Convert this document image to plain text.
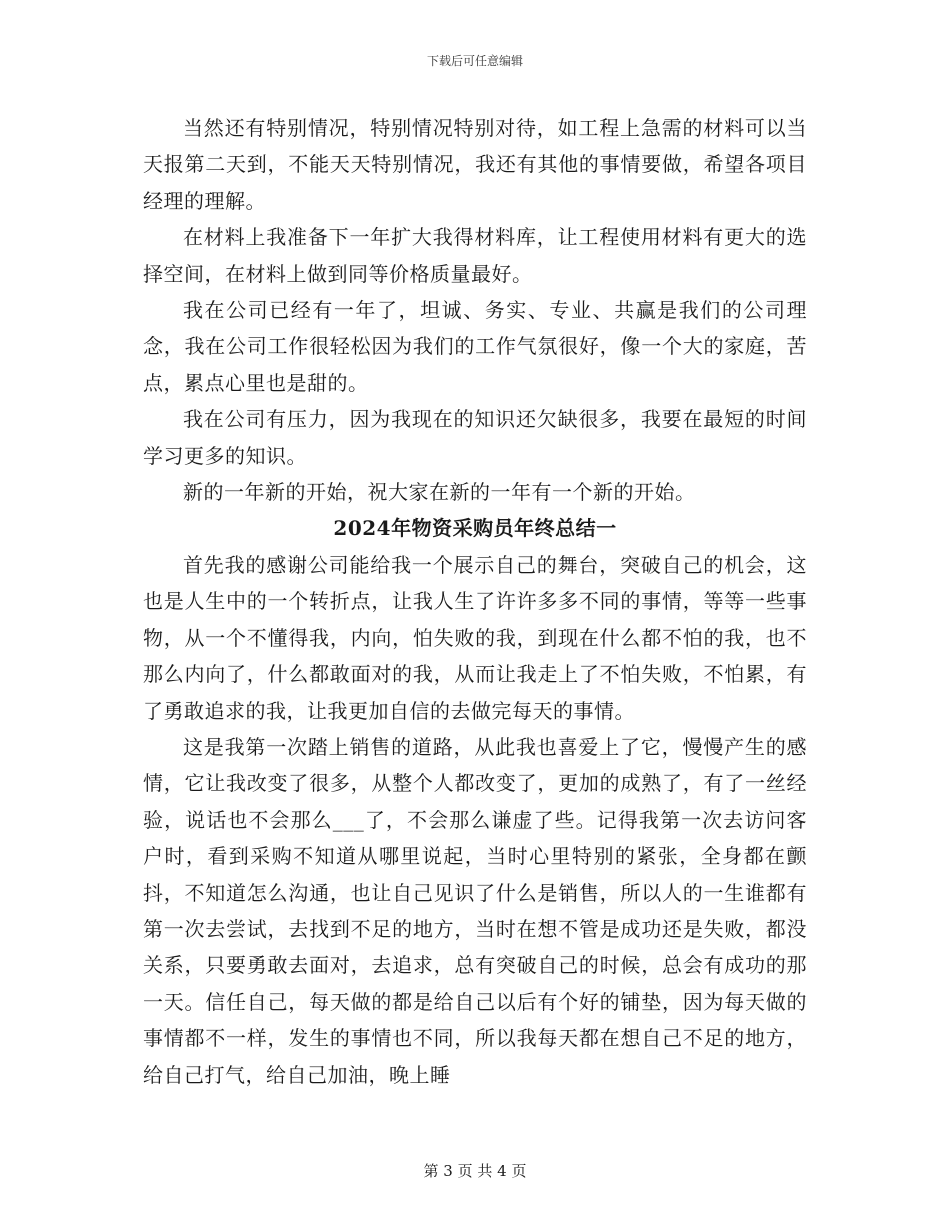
下载后可任意编辑

当然还有特别情况，特别情况特别对待，如工程上急需的材料可以当天报第二天到，不能天天特别情况，我还有其他的事情要做，希望各项目经理的理解。

在材料上我准备下一年扩大我得材料库，让工程使用材料有更大的选择空间，在材料上做到同等价格质量最好。

我在公司已经有一年了，坦诚、务实、专业、共赢是我们的公司理念，我在公司工作很轻松因为我们的工作气氛很好，像一个大的家庭，苦点，累点心里也是甜的。

我在公司有压力，因为我现在的知识还欠缺很多，我要在最短的时间学习更多的知识。

新的一年新的开始，祝大家在新的一年有一个新的开始。

2024年物资采购员年终总结一

首先我的感谢公司能给我一个展示自己的舞台，突破自己的机会，这也是人生中的一个转折点，让我人生了许许多多不同的事情，等等一些事物，从一个不懂得我，内向，怕失败的我，到现在什么都不怕的我，也不那么内向了，什么都敢面对的我，从而让我走上了不怕失败，不怕累，有了勇敢追求的我，让我更加自信的去做完每天的事情。

这是我第一次踏上销售的道路，从此我也喜爱上了它，慢慢产生的感情，它让我改变了很多，从整个人都改变了，更加的成熟了，有了一丝经验，说话也不会那么___了，不会那么谦虚了些。记得我第一次去访问客户时，看到采购不知道从哪里说起，当时心里特别的紧张，全身都在颤抖，不知道怎么沟通，也让自己见识了什么是销售，所以人的一生谁都有第一次去尝试，去找到不足的地方，当时在想不管是成功还是失败，都没关系，只要勇敢去面对，去追求，总有突破自己的时候，总会有成功的那一天。信任自己，每天做的都是给自己以后有个好的铺垫，因为每天做的事情都不一样，发生的事情也不同，所以我每天都在想自己不足的地方，给自己打气，给自己加油，晚上睡

第 3 页 共 4 页
